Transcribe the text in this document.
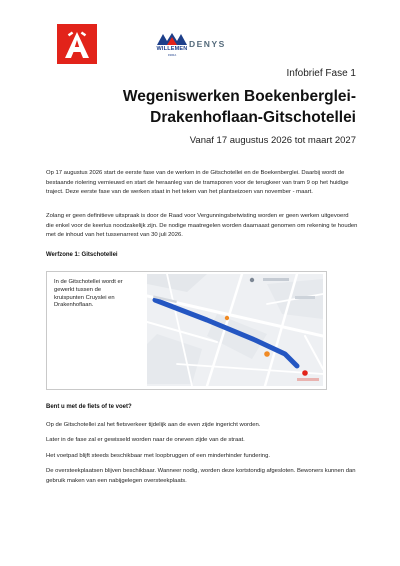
WILLEMEN
INFRA
DENYS
Infobrief Fase 1
Wegeniswerken Boekenberglei-
Drakenhoflaan-Gitschotellei
Vanaf 17 augustus 2026 tot maart 2027
Op 17 augustus 2026 start de eerste fase van de werken in de Gitschotellei en de Boekenberglei. Daarbij wordt de bestaande riolering vernieuwd en start de heraanleg van de tramsporen voor de terugkeer van tram 9 op het huidige traject. Deze eerste fase van de werken staat in het teken van het plantseizoen van november - maart.
Zolang er geen definitieve uitspraak is door de Raad voor Vergunningsbetwisting worden er geen werken uitgevoerd die enkel voor de keerlus noodzakelijk zijn. De nodige maatregelen worden daarnaast genomen om rekening te houden met de inhoud van het tussenarrest van 30 juli 2026.
Werfzone 1: Gitschotellei
In de Gitschotellei wordt er gewerkt tussen de kruispunten Cruyslei en Drakenhoflaan.
Bent u met de fiets of te voet?
Op de Gitschotellei zal het fietsverkeer tijdelijk aan de even zijde ingericht worden.
Later in de fase zal er gewisseld worden naar de oneven zijde van de straat.
Het voetpad blijft steeds beschikbaar met loopbruggen of een minderhinder fundering.
De oversteekplaatsen blijven beschikbaar. Wanneer nodig, worden deze kortstondig afgesloten. Bewoners kunnen dan gebruik maken van een nabijgelegen oversteekplaats.
